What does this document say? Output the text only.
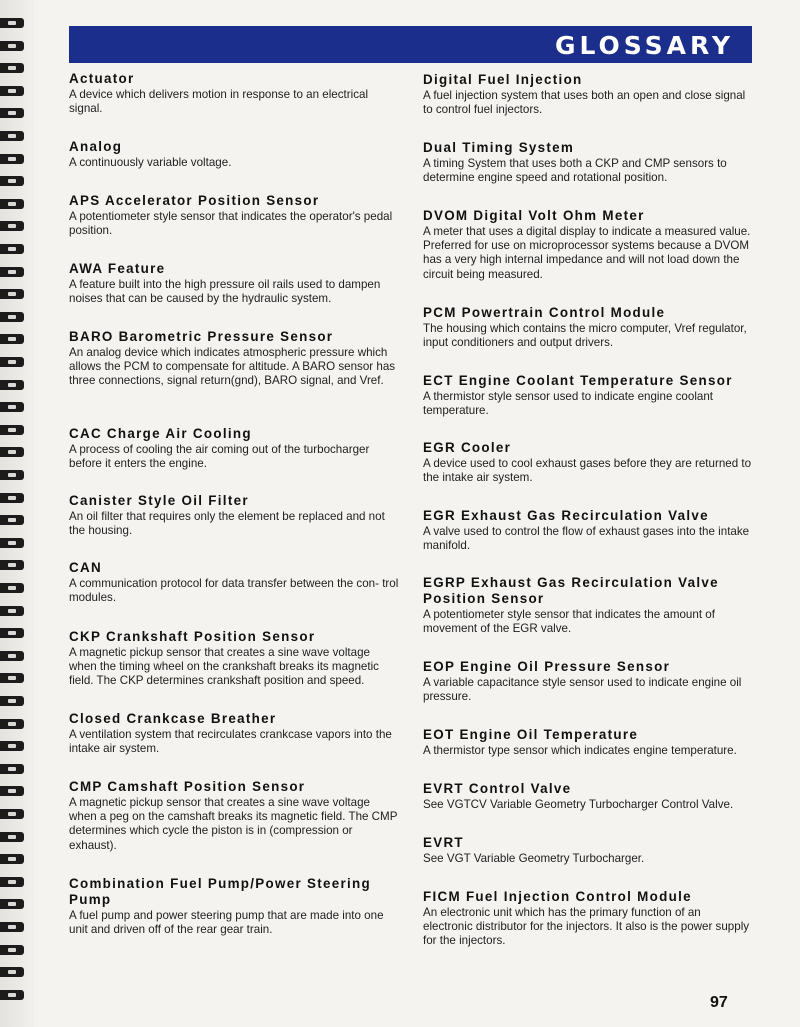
GLOSSARY
Actuator
A device which delivers motion in response to an electrical signal.
Analog
A continuously variable voltage.
APS Accelerator Position Sensor
A potentiometer style sensor that indicates the operator's pedal position.
AWA Feature
A feature built into the high pressure oil rails used to dampen noises that can be caused by the hydraulic system.
BARO Barometric Pressure Sensor
An analog device which indicates atmospheric pressure which allows the PCM to compensate for altitude. A BARO sensor has three connections, signal return(gnd), BARO signal, and Vref.
CAC Charge Air Cooling
A process of cooling the air coming out of the turbocharger before it enters the engine.
Canister Style Oil Filter
An oil filter that requires only the element be replaced and not the housing.
CAN
A communication protocol for data transfer between the con- trol modules.
CKP Crankshaft Position Sensor
A magnetic pickup sensor that creates a sine wave voltage when the timing wheel on the crankshaft breaks its magnetic field. The CKP determines crankshaft position and speed.
Closed Crankcase Breather
A ventilation system that recirculates crankcase vapors into the intake air system.
CMP Camshaft Position Sensor
A magnetic pickup sensor that creates a sine wave voltage when a peg on the camshaft breaks its magnetic field. The CMP determines which cycle the piston is in (compression or exhaust).
Combination Fuel Pump/Power Steering Pump
A fuel pump and power steering pump that are made into one unit and driven off of the rear gear train.
Digital Fuel Injection
A fuel injection system that uses both an open and close signal to control fuel injectors.
Dual Timing System
A timing System that uses both a CKP and CMP sensors to determine engine speed and rotational position.
DVOM Digital Volt Ohm Meter
A meter that uses a digital display to indicate a measured value. Preferred for use on microprocessor systems because a DVOM has a very high internal impedance and will not load down the circuit being measured.
PCM Powertrain Control Module
The housing which contains the micro computer, Vref regulator, input conditioners and output drivers.
ECT Engine Coolant Temperature Sensor
A thermistor style sensor used to indicate engine coolant temperature.
EGR Cooler
A device used to cool exhaust gases before they are returned to the intake air system.
EGR Exhaust Gas Recirculation Valve
A valve used to control the flow of exhaust gases into the intake manifold.
EGRP Exhaust Gas Recirculation Valve Position Sensor
A potentiometer style sensor that indicates the amount of movement of the EGR valve.
EOP Engine Oil Pressure Sensor
A variable capacitance style sensor used to indicate engine oil pressure.
EOT Engine Oil Temperature
A thermistor type sensor which indicates engine temperature.
EVRT Control Valve
See VGTCV Variable Geometry Turbocharger Control Valve.
EVRT
See VGT Variable Geometry Turbocharger.
FICM Fuel Injection Control Module
An electronic unit which has the primary function of an electronic distributor for the injectors. It also is the power supply for the injectors.
97
